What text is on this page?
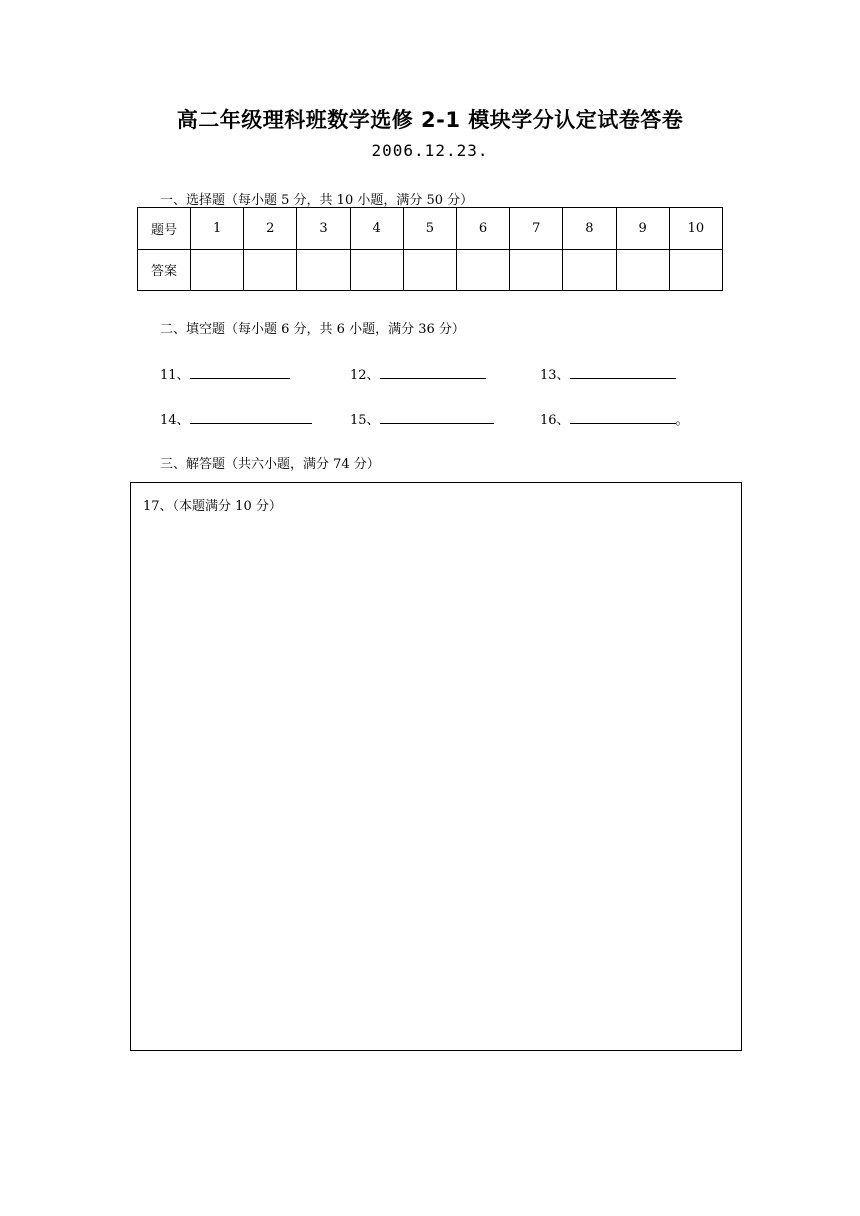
高二年级理科班数学选修 2-1 模块学分认定试卷答卷
2006.12.23.
一、选择题（每小题 5 分，共 10 小题，满分 50 分）
题号	1	2	3	4	5	6	7	8	9	10
答案										
二、填空题（每小题 6 分，共 6 小题，满分 36 分）
11、	12、	13、
14、	15、	16、	。
三、解答题（共六小题，满分 74 分）
17、（本题满分 10 分）
